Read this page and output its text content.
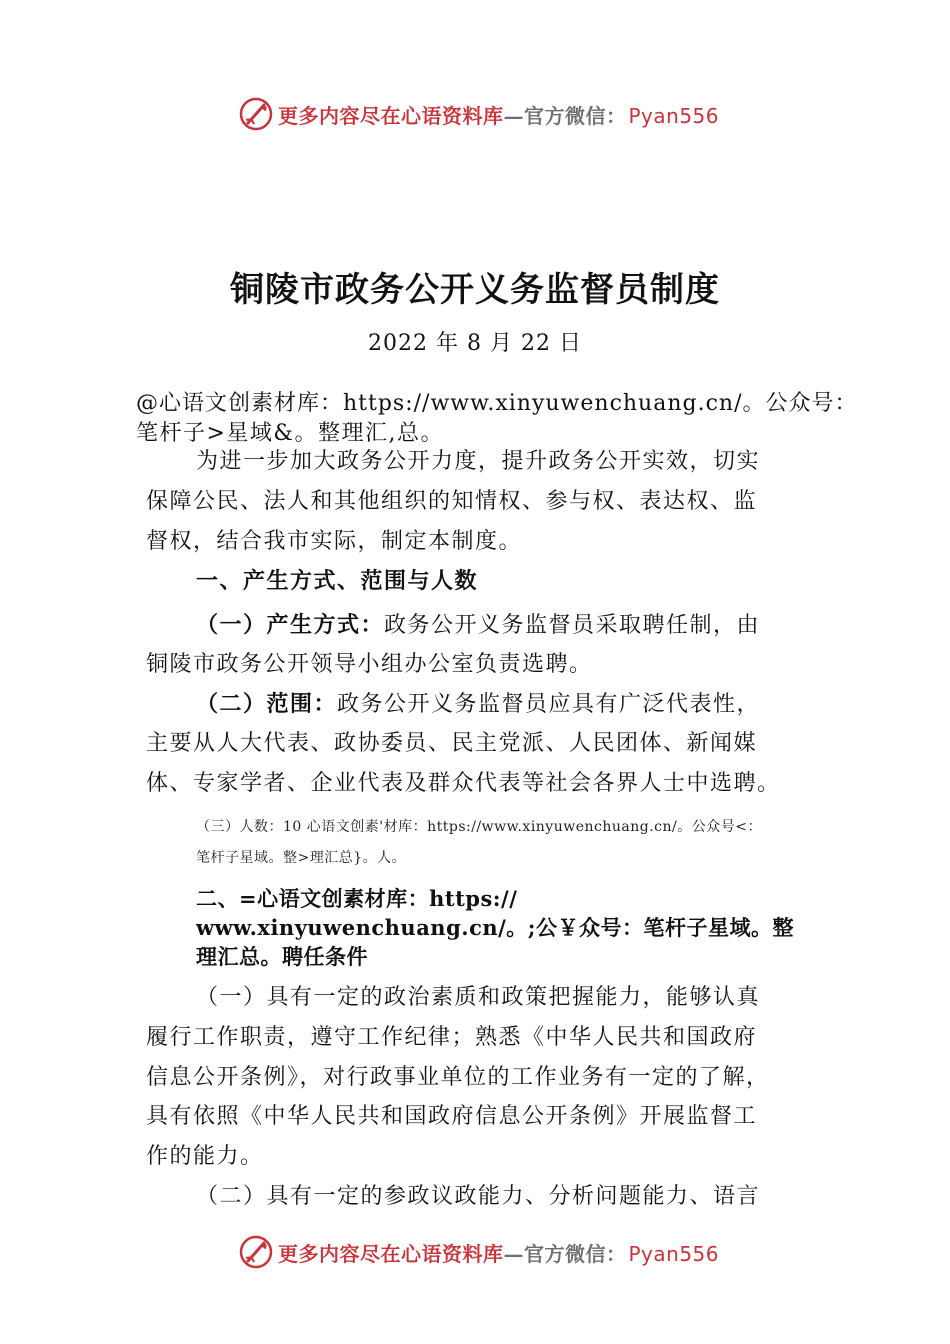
更多内容尽在心语资料库—官方微信： Pyan556
铜陵市政务公开义务监督员制度
2022 年 8 月 22 日
@心语文创素材库：https://www.xinyuwenchuang.cn/。公众号：
笔杆子>星域&。整理汇,总。
为进一步加大政务公开力度，提升政务公开实效，切实
保障公民、法人和其他组织的知情权、参与权、表达权、监
督权，结合我市实际，制定本制度。
一、产生方式、范围与人数
（一）产生方式：政务公开义务监督员采取聘任制，由
铜陵市政务公开领导小组办公室负责选聘。
（二）范围：政务公开义务监督员应具有广泛代表性，
主要从人大代表、政协委员、民主党派、人民团体、新闻媒
体、专家学者、企业代表及群众代表等社会各界人士中选聘。
（三）人数：10 心语文创素'材库：https://www.xinyuwenchuang.cn/。公众号<：
笔杆子星域。整>理汇总}。人。
二、=心语文创素材库：https://
www.xinyuwenchuang.cn/。;公￥众号：笔杆子星域。整
理汇总。聘任条件
（一）具有一定的政治素质和政策把握能力，能够认真
履行工作职责，遵守工作纪律；熟悉《中华人民共和国政府
信息公开条例》，对行政事业单位的工作业务有一定的了解，
具有依照《中华人民共和国政府信息公开条例》开展监督工
作的能力。
（二）具有一定的参政议政能力、分析问题能力、语言
更多内容尽在心语资料库—官方微信： Pyan556
